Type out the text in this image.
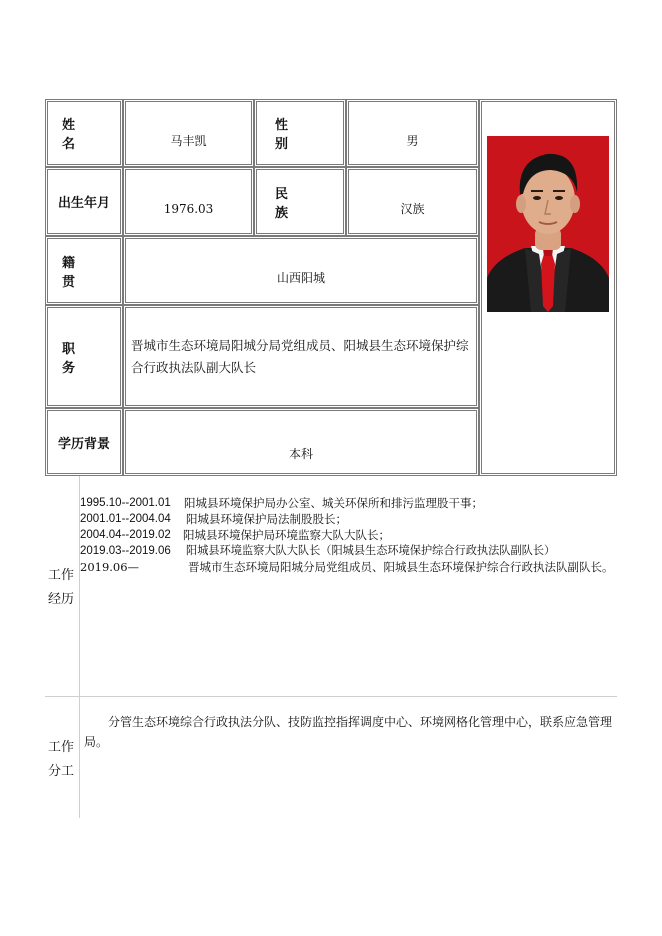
姓　名	马丰凯
性　别	男
出生年月	1976.03
民　族	汉族
籍　贯	山西阳城
职　务
晋城市生态环境局阳城分局党组成员、阳城县生态环境保护综合行政执法队副大队长
学历背景
本科
工作
经历
1995.10--2001.01	阳城县环境保护局办公室、城关环保所和排污监理股干事；
2001.01--2004.04	阳城县环境保护局法制股股长；
2004.04--2019.02	阳城县环境保护局环境监察大队大队长；
2019.03--2019.06	阳城县环境监察大队大队长（阳城县生态环境保护综合行政执法队副队长）
2019.06—	晋城市生态环境局阳城分局党组成员、阳城县生态环境保护综合行政执法队副队长。
工作
分工
分管生态环境综合行政执法分队、技防监控指挥调度中心、环境网格化管理中心，联系应急管理局。
